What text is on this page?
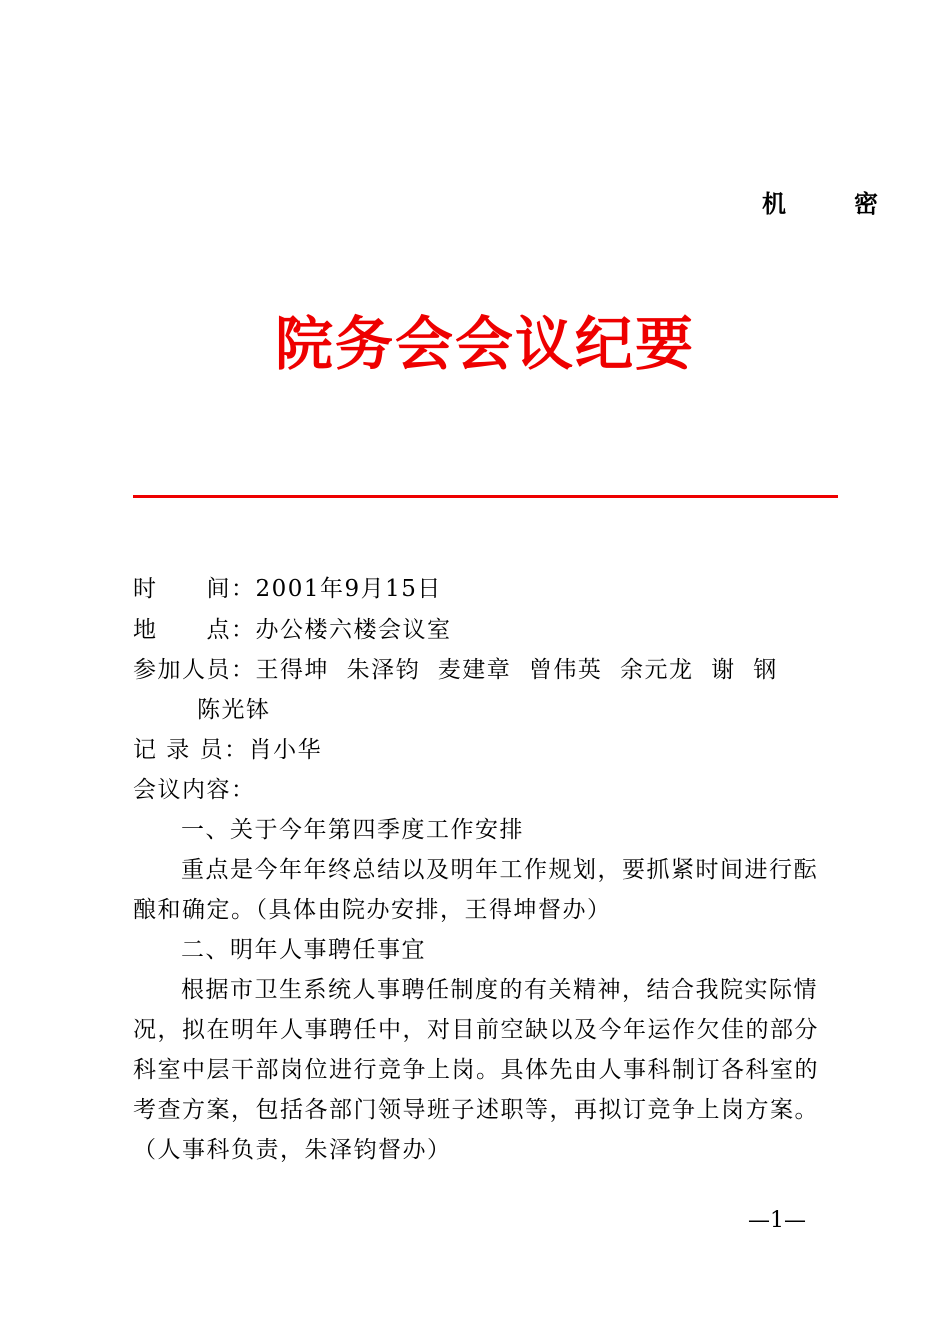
机　密
院务会会议纪要
时　　间：2001年9月15日
地　　点：办公楼六楼会议室
参加人员：王得坤  朱泽钧  麦建章  曾伟英  余元龙  谢  钢
陈光钵
记 录 员：肖小华
会议内容：
一、关于今年第四季度工作安排
重点是今年年终总结以及明年工作规划，要抓紧时间进行酝
酿和确定。（具体由院办安排，王得坤督办）
二、明年人事聘任事宜
根据市卫生系统人事聘任制度的有关精神，结合我院实际情
况，拟在明年人事聘任中，对目前空缺以及今年运作欠佳的部分
科室中层干部岗位进行竞争上岗。具体先由人事科制订各科室的
考查方案，包括各部门领导班子述职等，再拟订竞争上岗方案。
（人事科负责，朱泽钧督办）
—1—
